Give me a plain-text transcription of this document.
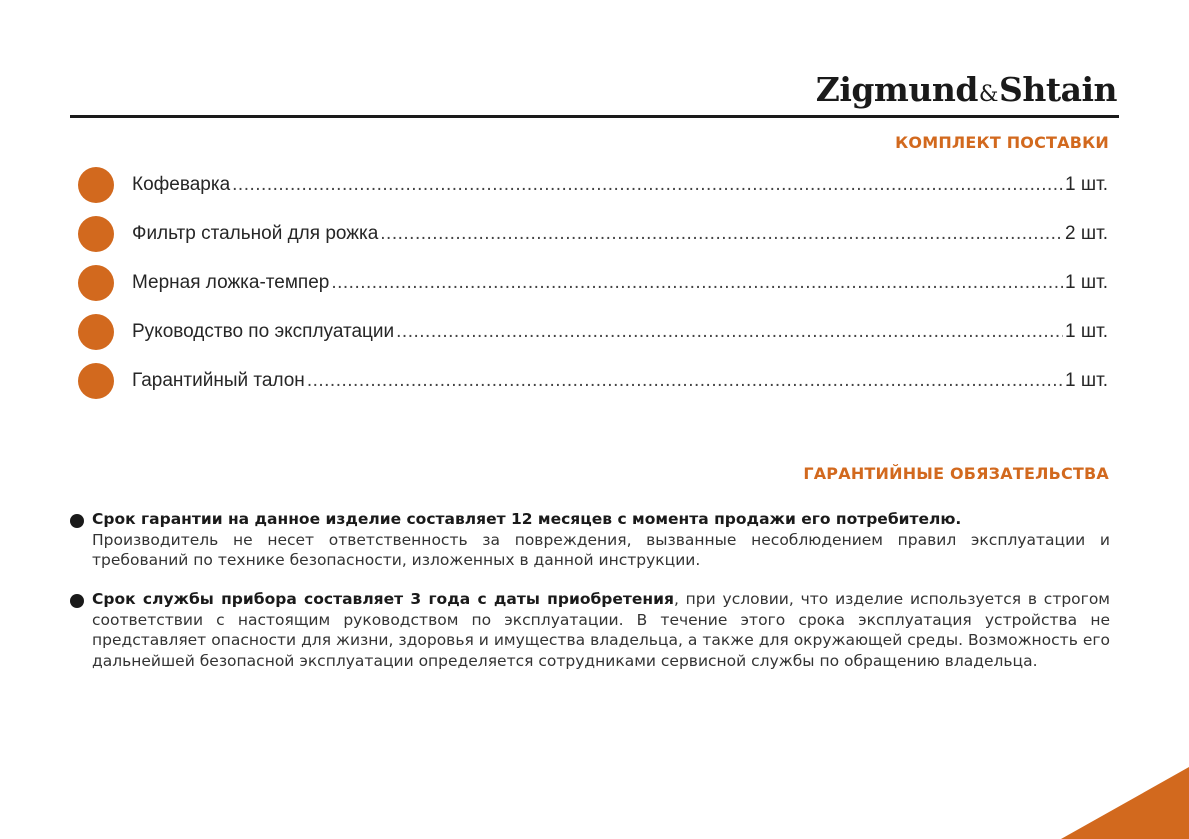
Zigmund&Shtain
КОМПЛЕКТ ПОСТАВКИ
Кофеварка .....	1 шт.
Фильтр стальной для рожка .....	2 шт.
Мерная ложка-темпер .....	1 шт.
Руководство по эксплуатации .....	1 шт.
Гарантийный талон .....	1 шт.
ГАРАНТИЙНЫЕ ОБЯЗАТЕЛЬСТВА
Срок гарантии на данное изделие составляет 12 месяцев с момента продажи его потребителю.
Производитель не несет ответственность за повреждения, вызванные несоблюдением правил эксплуатации и требований по технике безопасности, изложенных в данной инструкции.
Срок службы прибора составляет 3 года с даты приобретения, при условии, что изделие используется в строгом соответствии с настоящим руководством по эксплуатации. В течение этого срока эксплуатация устройства не представляет опасности для жизни, здоровья и имущества владельца, а также для окружающей среды. Возможность его дальнейшей безопасной эксплуатации определяется сотрудниками сервисной службы по обращению владельца.
